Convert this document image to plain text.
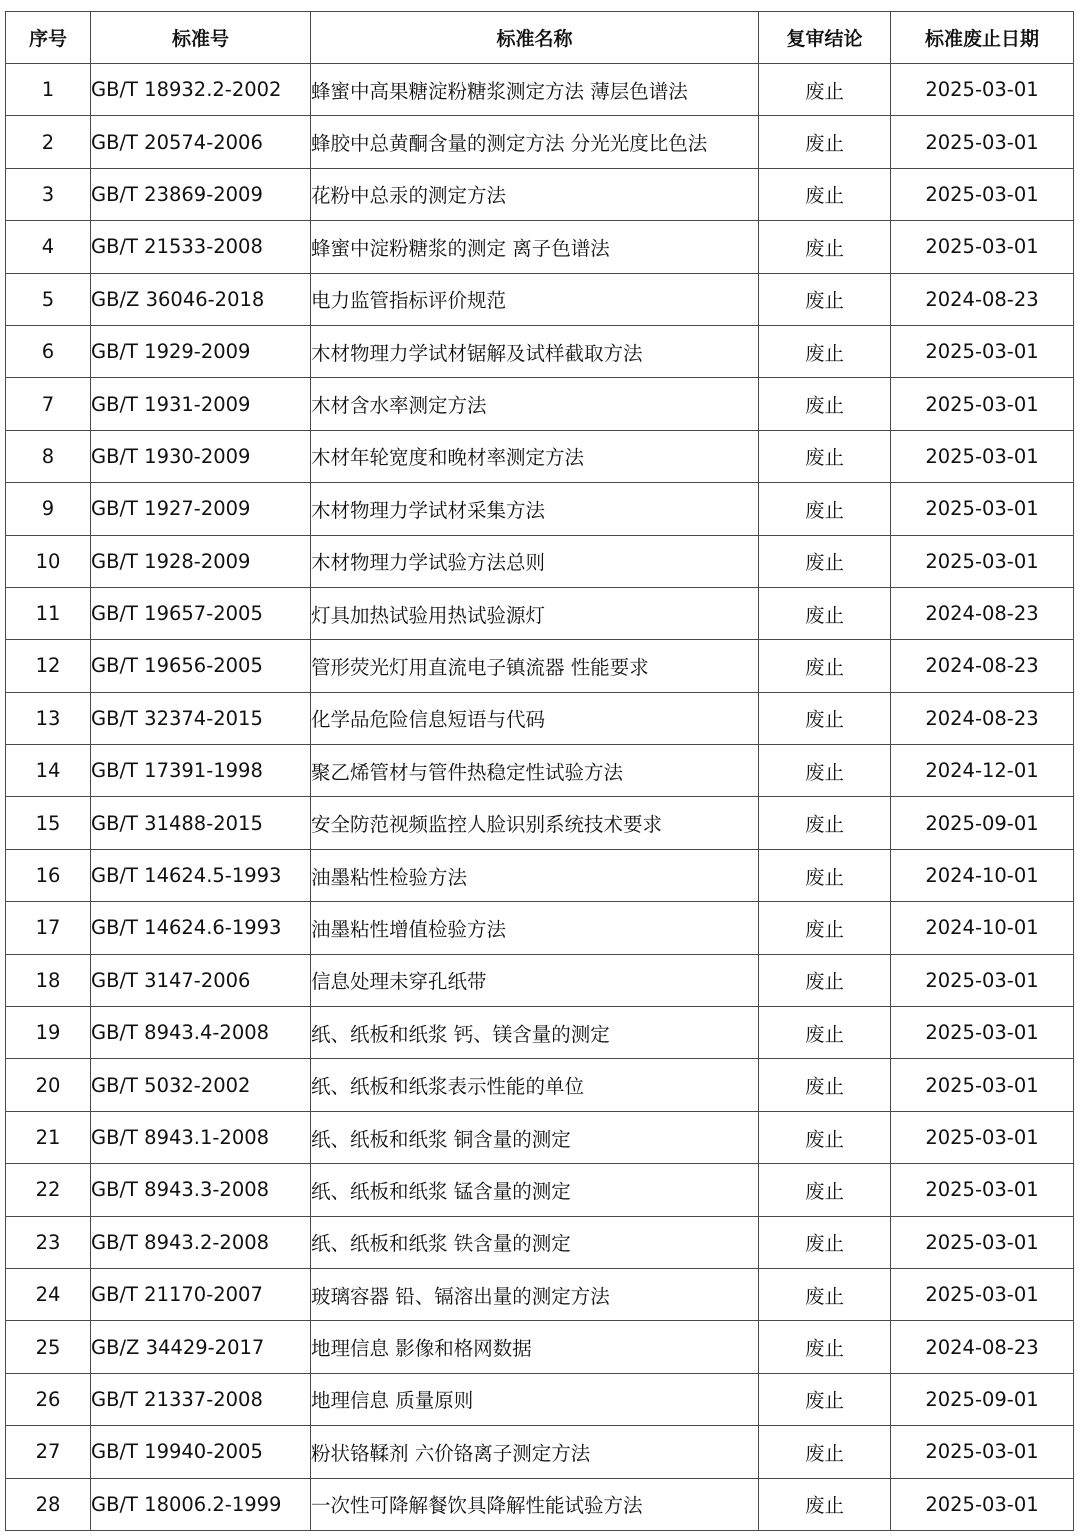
序号	标准号	标准名称	复审结论	标准废止日期
1	GB/T 18932.2-2002	蜂蜜中高果糖淀粉糖浆测定方法 薄层色谱法	废止	2025-03-01
2	GB/T 20574-2006	蜂胶中总黄酮含量的测定方法 分光光度比色法	废止	2025-03-01
3	GB/T 23869-2009	花粉中总汞的测定方法	废止	2025-03-01
4	GB/T 21533-2008	蜂蜜中淀粉糖浆的测定 离子色谱法	废止	2025-03-01
5	GB/Z 36046-2018	电力监管指标评价规范	废止	2024-08-23
6	GB/T 1929-2009	木材物理力学试材锯解及试样截取方法	废止	2025-03-01
7	GB/T 1931-2009	木材含水率测定方法	废止	2025-03-01
8	GB/T 1930-2009	木材年轮宽度和晚材率测定方法	废止	2025-03-01
9	GB/T 1927-2009	木材物理力学试材采集方法	废止	2025-03-01
10	GB/T 1928-2009	木材物理力学试验方法总则	废止	2025-03-01
11	GB/T 19657-2005	灯具加热试验用热试验源灯	废止	2024-08-23
12	GB/T 19656-2005	管形荧光灯用直流电子镇流器 性能要求	废止	2024-08-23
13	GB/T 32374-2015	化学品危险信息短语与代码	废止	2024-08-23
14	GB/T 17391-1998	聚乙烯管材与管件热稳定性试验方法	废止	2024-12-01
15	GB/T 31488-2015	安全防范视频监控人脸识别系统技术要求	废止	2025-09-01
16	GB/T 14624.5-1993	油墨粘性检验方法	废止	2024-10-01
17	GB/T 14624.6-1993	油墨粘性增值检验方法	废止	2024-10-01
18	GB/T 3147-2006	信息处理未穿孔纸带	废止	2025-03-01
19	GB/T 8943.4-2008	纸、纸板和纸浆 钙、镁含量的测定	废止	2025-03-01
20	GB/T 5032-2002	纸、纸板和纸浆表示性能的单位	废止	2025-03-01
21	GB/T 8943.1-2008	纸、纸板和纸浆 铜含量的测定	废止	2025-03-01
22	GB/T 8943.3-2008	纸、纸板和纸浆 锰含量的测定	废止	2025-03-01
23	GB/T 8943.2-2008	纸、纸板和纸浆 铁含量的测定	废止	2025-03-01
24	GB/T 21170-2007	玻璃容器 铅、镉溶出量的测定方法	废止	2025-03-01
25	GB/Z 34429-2017	地理信息 影像和格网数据	废止	2024-08-23
26	GB/T 21337-2008	地理信息 质量原则	废止	2025-09-01
27	GB/T 19940-2005	粉状铬鞣剂 六价铬离子测定方法	废止	2025-03-01
28	GB/T 18006.2-1999	一次性可降解餐饮具降解性能试验方法	废止	2025-03-01
